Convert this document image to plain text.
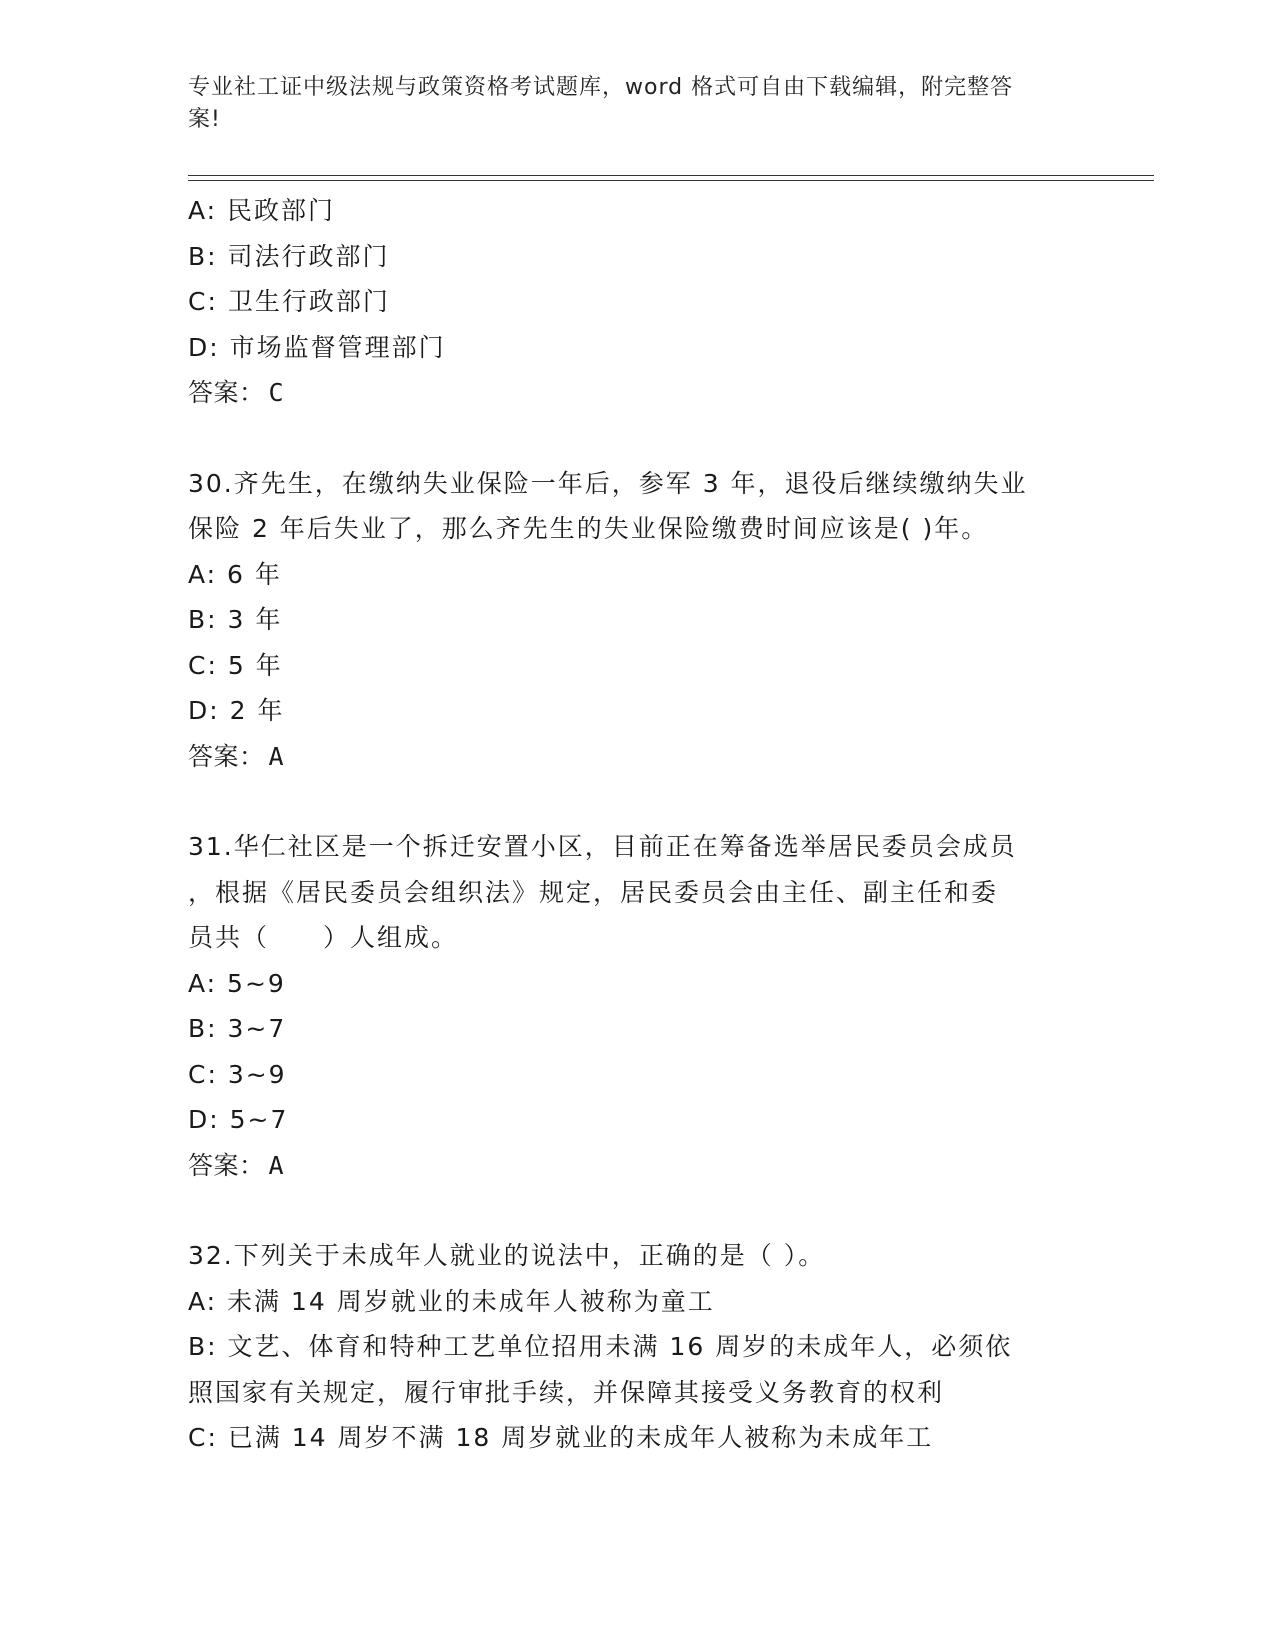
专业社工证中级法规与政策资格考试题库，word 格式可自由下载编辑，附完整答
案!
A: 民政部门
B: 司法行政部门
C: 卫生行政部门
D: 市场监督管理部门
答案： C
30.齐先生，在缴纳失业保险一年后，参军 3 年，退役后继续缴纳失业
保险 2 年后失业了，那么齐先生的失业保险缴费时间应该是( )年。
A: 6 年
B: 3 年
C: 5 年
D: 2 年
答案： A
31.华仁社区是一个拆迁安置小区，目前正在筹备选举居民委员会成员
，根据《居民委员会组织法》规定，居民委员会由主任、副主任和委
员共（　　）人组成。
A: 5~9
B: 3~7
C: 3~9
D: 5~7
答案： A
32.下列关于未成年人就业的说法中，正确的是（ ）。
A: 未满 14 周岁就业的未成年人被称为童工
B: 文艺、体育和特种工艺单位招用未满 16 周岁的未成年人，必须依
照国家有关规定，履行审批手续，并保障其接受义务教育的权利
C: 已满 14 周岁不满 18 周岁就业的未成年人被称为未成年工
